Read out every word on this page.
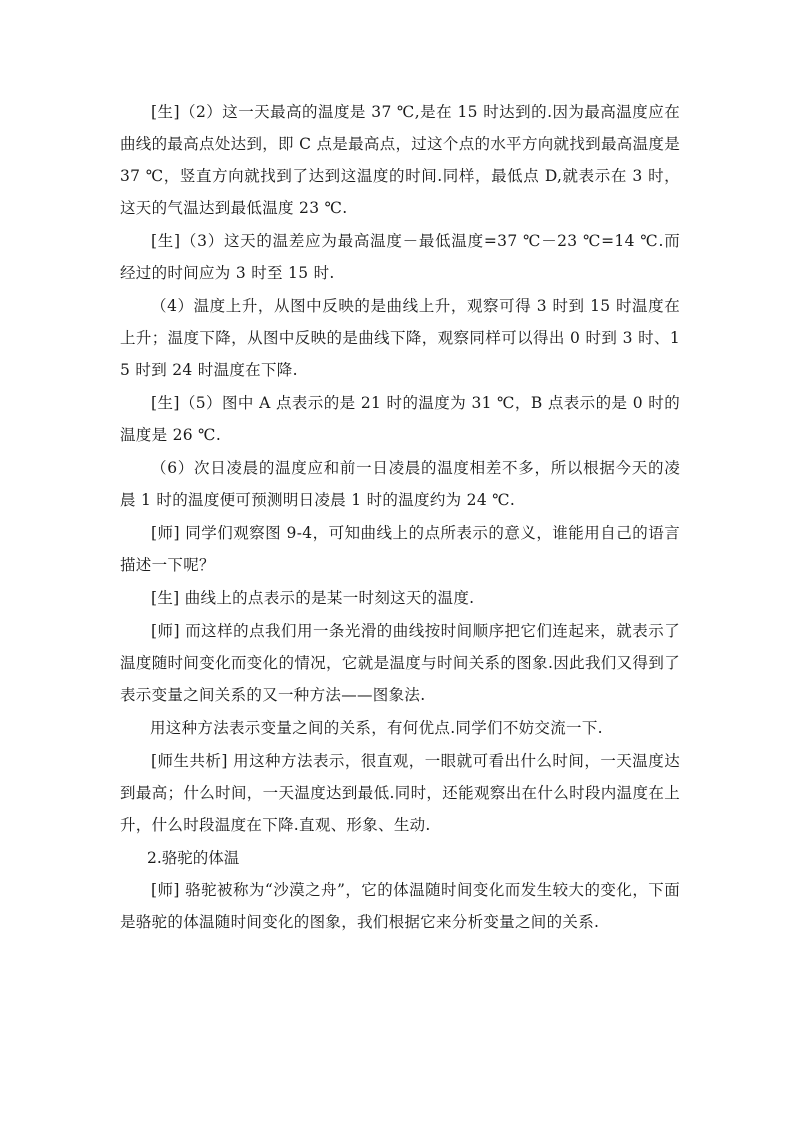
[生]（2）这一天最高的温度是 37 ℃,是在 15 时达到的.因为最高温度应在曲线的最高点处达到，即 C 点是最高点，过这个点的水平方向就找到最高温度是 37 ℃，竖直方向就找到了达到这温度的时间.同样，最低点 D,就表示在 3 时，这天的气温达到最低温度 23 ℃.

[生]（3）这天的温差应为最高温度－最低温度=37 ℃－23 ℃=14 ℃.而经过的时间应为 3 时至 15 时.

（4）温度上升，从图中反映的是曲线上升，观察可得 3 时到 15 时温度在上升；温度下降，从图中反映的是曲线下降，观察同样可以得出 0 时到 3 时、15 时到 24 时温度在下降.

[生]（5）图中 A 点表示的是 21 时的温度为 31 ℃，B 点表示的是 0 时的温度是 26 ℃.

（6）次日凌晨的温度应和前一日凌晨的温度相差不多，所以根据今天的凌晨 1 时的温度便可预测明日凌晨 1 时的温度约为 24 ℃.

[师] 同学们观察图 9-4，可知曲线上的点所表示的意义，谁能用自己的语言描述一下呢？

[生] 曲线上的点表示的是某一时刻这天的温度.

[师] 而这样的点我们用一条光滑的曲线按时间顺序把它们连起来，就表示了温度随时间变化而变化的情况，它就是温度与时间关系的图象.因此我们又得到了表示变量之间关系的又一种方法——图象法.

用这种方法表示变量之间的关系，有何优点.同学们不妨交流一下.

[师生共析] 用这种方法表示，很直观，一眼就可看出什么时间，一天温度达到最高；什么时间，一天温度达到最低.同时，还能观察出在什么时段内温度在上升，什么时段温度在下降.直观、形象、生动.

2.骆驼的体温

[师] 骆驼被称为“沙漠之舟”，它的体温随时间变化而发生较大的变化，下面是骆驼的体温随时间变化的图象，我们根据它来分析变量之间的关系.
